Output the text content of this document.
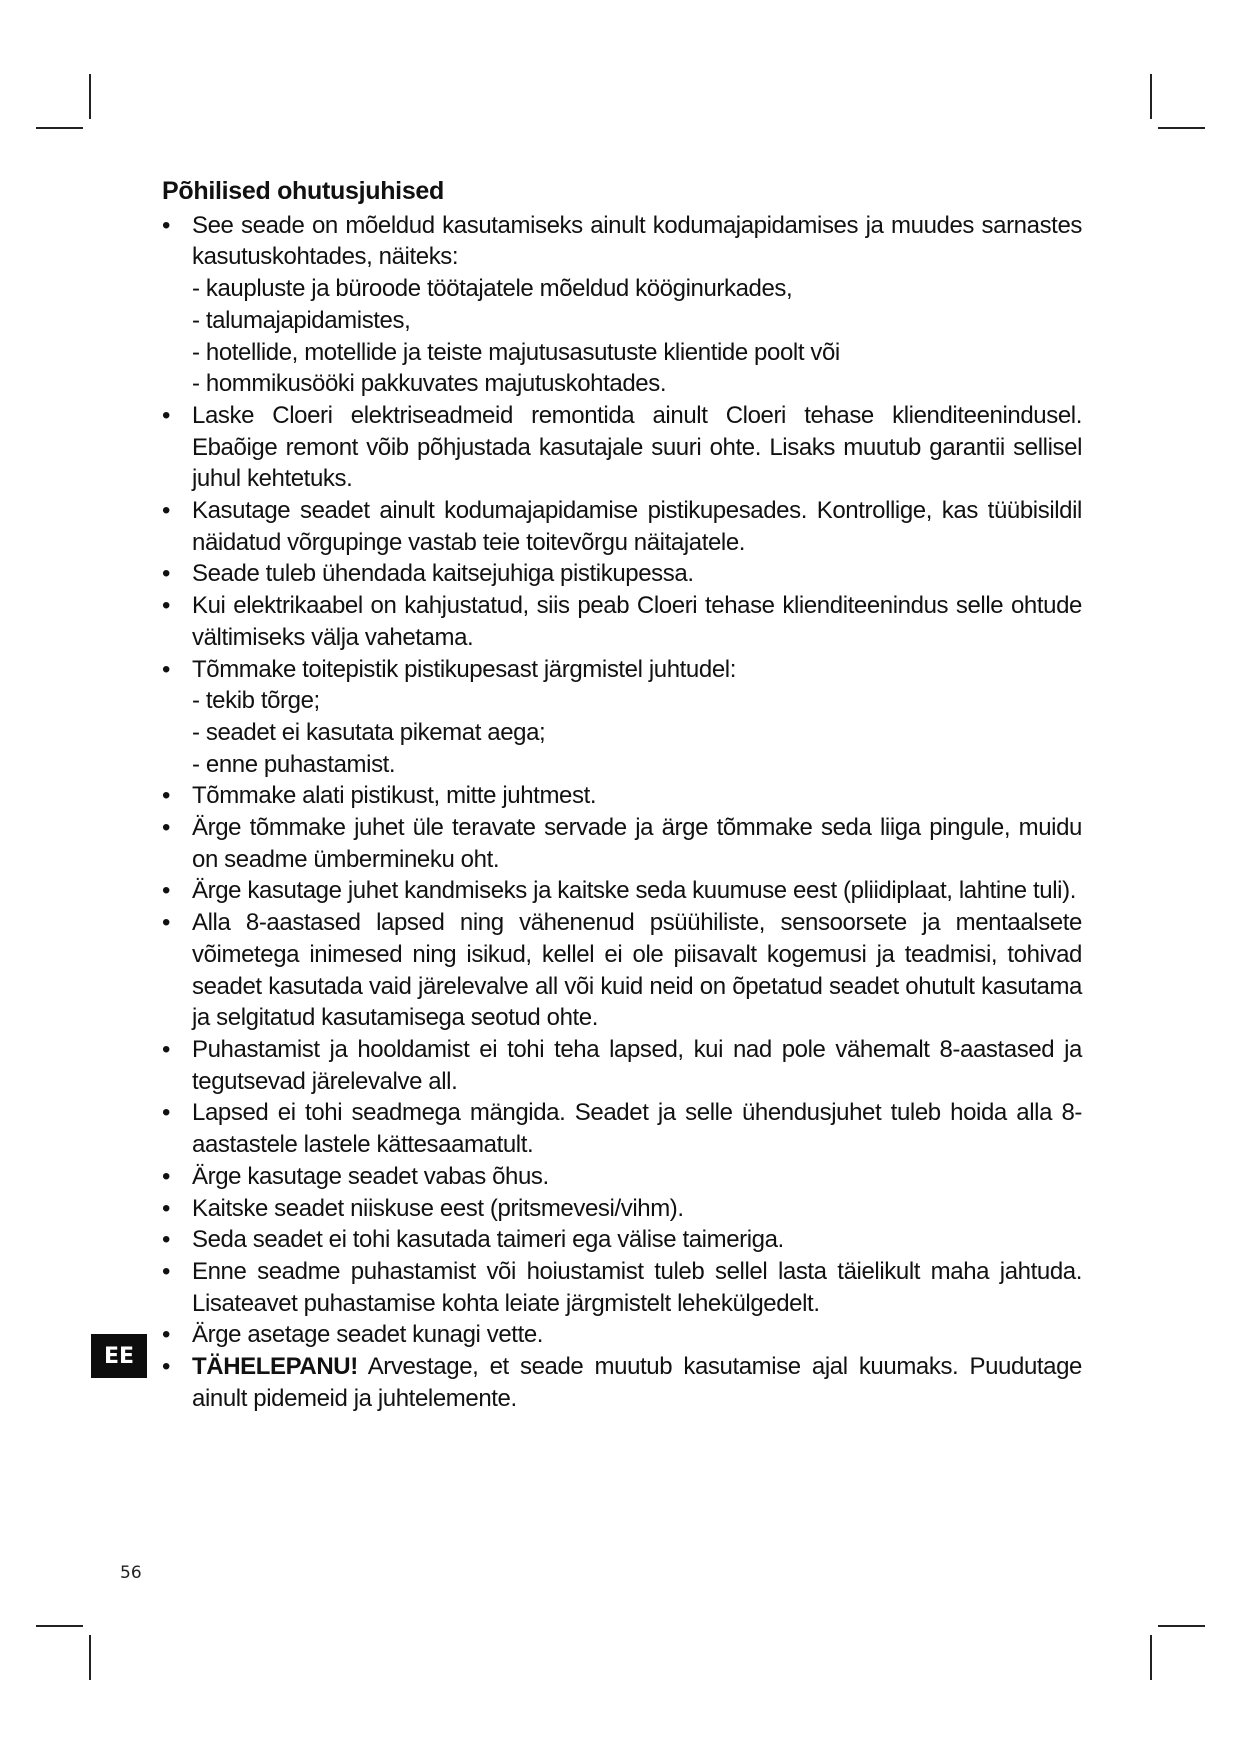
Põhilised ohutusjuhised
• See seade on mõeldud kasutamiseks ainult kodumajapidamises ja muudes sarnastes kasutuskohtades, näiteks:
- kaupluste ja büroode töötajatele mõeldud kööginurkades,
- talumajapidamistes,
- hotellide, motellide ja teiste majutusasutuste klientide poolt või
- hommikusööki pakkuvates majutuskohtades.
• Laske Cloeri elektriseadmeid remontida ainult Cloeri tehase klienditeenindusel. Ebaõige remont võib põhjustada kasutajale suuri ohte. Lisaks muutub garantii sellisel juhul kehtetuks.
• Kasutage seadet ainult kodumajapidamise pistikupesades. Kontrollige, kas tüübisildil näidatud võrgupinge vastab teie toitevõrgu näitajatele.
• Seade tuleb ühendada kaitsejuhiga pistikupessa.
• Kui elektrikaabel on kahjustatud, siis peab Cloeri tehase klienditeenindus selle ohtude vältimiseks välja vahetama.
• Tõmmake toitepistik pistikupesast järgmistel juhtudel:
- tekib tõrge;
- seadet ei kasutata pikemat aega;
- enne puhastamist.
• Tõmmake alati pistikust, mitte juhtmest.
• Ärge tõmmake juhet üle teravate servade ja ärge tõmmake seda liiga pingule, muidu on seadme ümbermineku oht.
• Ärge kasutage juhet kandmiseks ja kaitske seda kuumuse eest (pliidiplaat, lahtine tuli).
• Alla 8-aastased lapsed ning vähenenud psüühiliste, sensoorsete ja mentaalsete võimetega inimesed ning isikud, kellel ei ole piisavalt kogemusi ja teadmisi, tohivad seadet kasutada vaid järelevalve all või kuid neid on õpetatud seadet ohutult kasutama ja selgitatud kasutamisega seotud ohte.
• Puhastamist ja hooldamist ei tohi teha lapsed, kui nad pole vähemalt 8-aastased ja tegutsevad järelevalve all.
• Lapsed ei tohi seadmega mängida. Seadet ja selle ühendusjuhet tuleb hoida alla 8-aastastele lastele kättesaamatult.
• Ärge kasutage seadet vabas õhus.
• Kaitske seadet niiskuse eest (pritsmevesi/vihm).
• Seda seadet ei tohi kasutada taimeri ega välise taimeriga.
• Enne seadme puhastamist või hoiustamist tuleb sellel lasta täielikult maha jahtuda. Lisateavet puhastamise kohta leiate järgmistelt lehekülgedelt.
• Ärge asetage seadet kunagi vette.
• TÄHELEPANU! Arvestage, et seade muutub kasutamise ajal kuumaks. Puudutage ainult pidemeid ja juhtelemente.
EE
56
